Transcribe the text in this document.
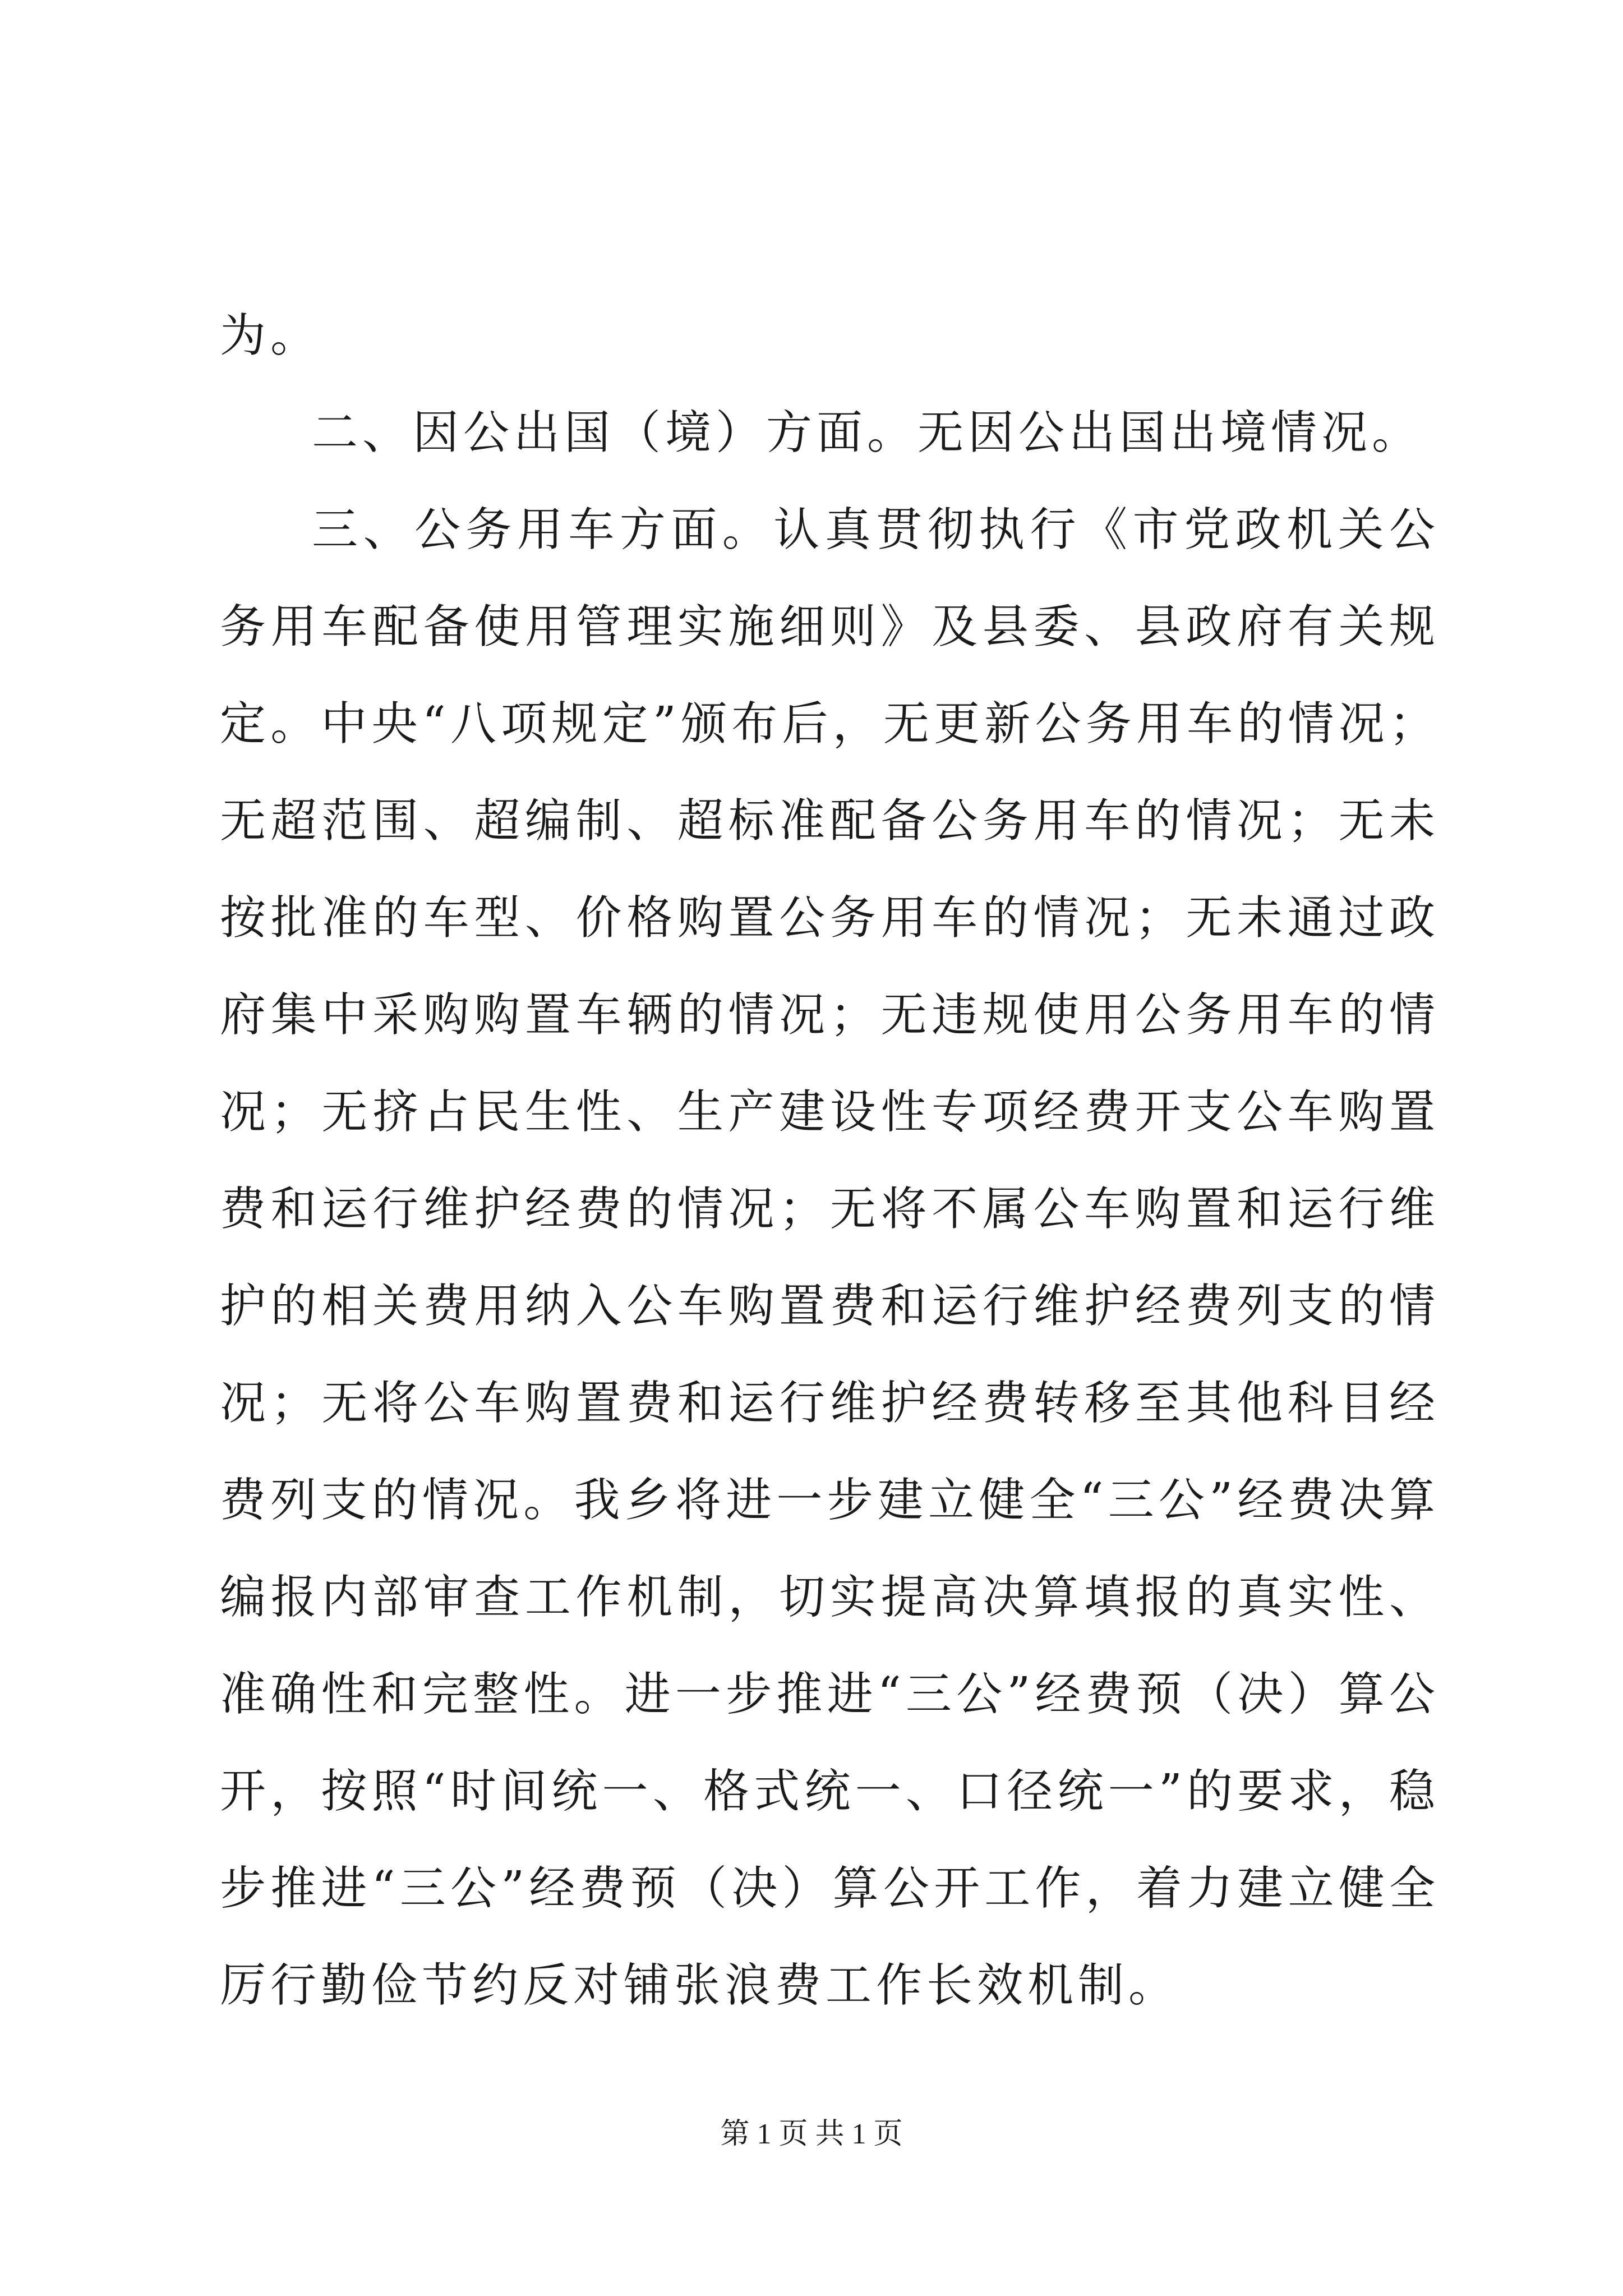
为。

二、因公出国（境）方面。无因公出国出境情况。

三、公务用车方面。认真贯彻执行《市党政机关公务用车配备使用管理实施细则》及县委、县政府有关规定。中央“八项规定”颁布后，无更新公务用车的情况；无超范围、超编制、超标准配备公务用车的情况；无未按批准的车型、价格购置公务用车的情况；无未通过政府集中采购购置车辆的情况；无违规使用公务用车的情况；无挤占民生性、生产建设性专项经费开支公车购置费和运行维护经费的情况；无将不属公车购置和运行维护的相关费用纳入公车购置费和运行维护经费列支的情况；无将公车购置费和运行维护经费转移至其他科目经费列支的情况。我乡将进一步建立健全“三公”经费决算编报内部审查工作机制，切实提高决算填报的真实性、准确性和完整性。进一步推进“三公”经费预（决）算公开，按照“时间统一、格式统一、口径统一”的要求，稳步推进“三公”经费预（决）算公开工作，着力建立健全厉行勤俭节约反对铺张浪费工作长效机制。

第 1 页 共 1 页
